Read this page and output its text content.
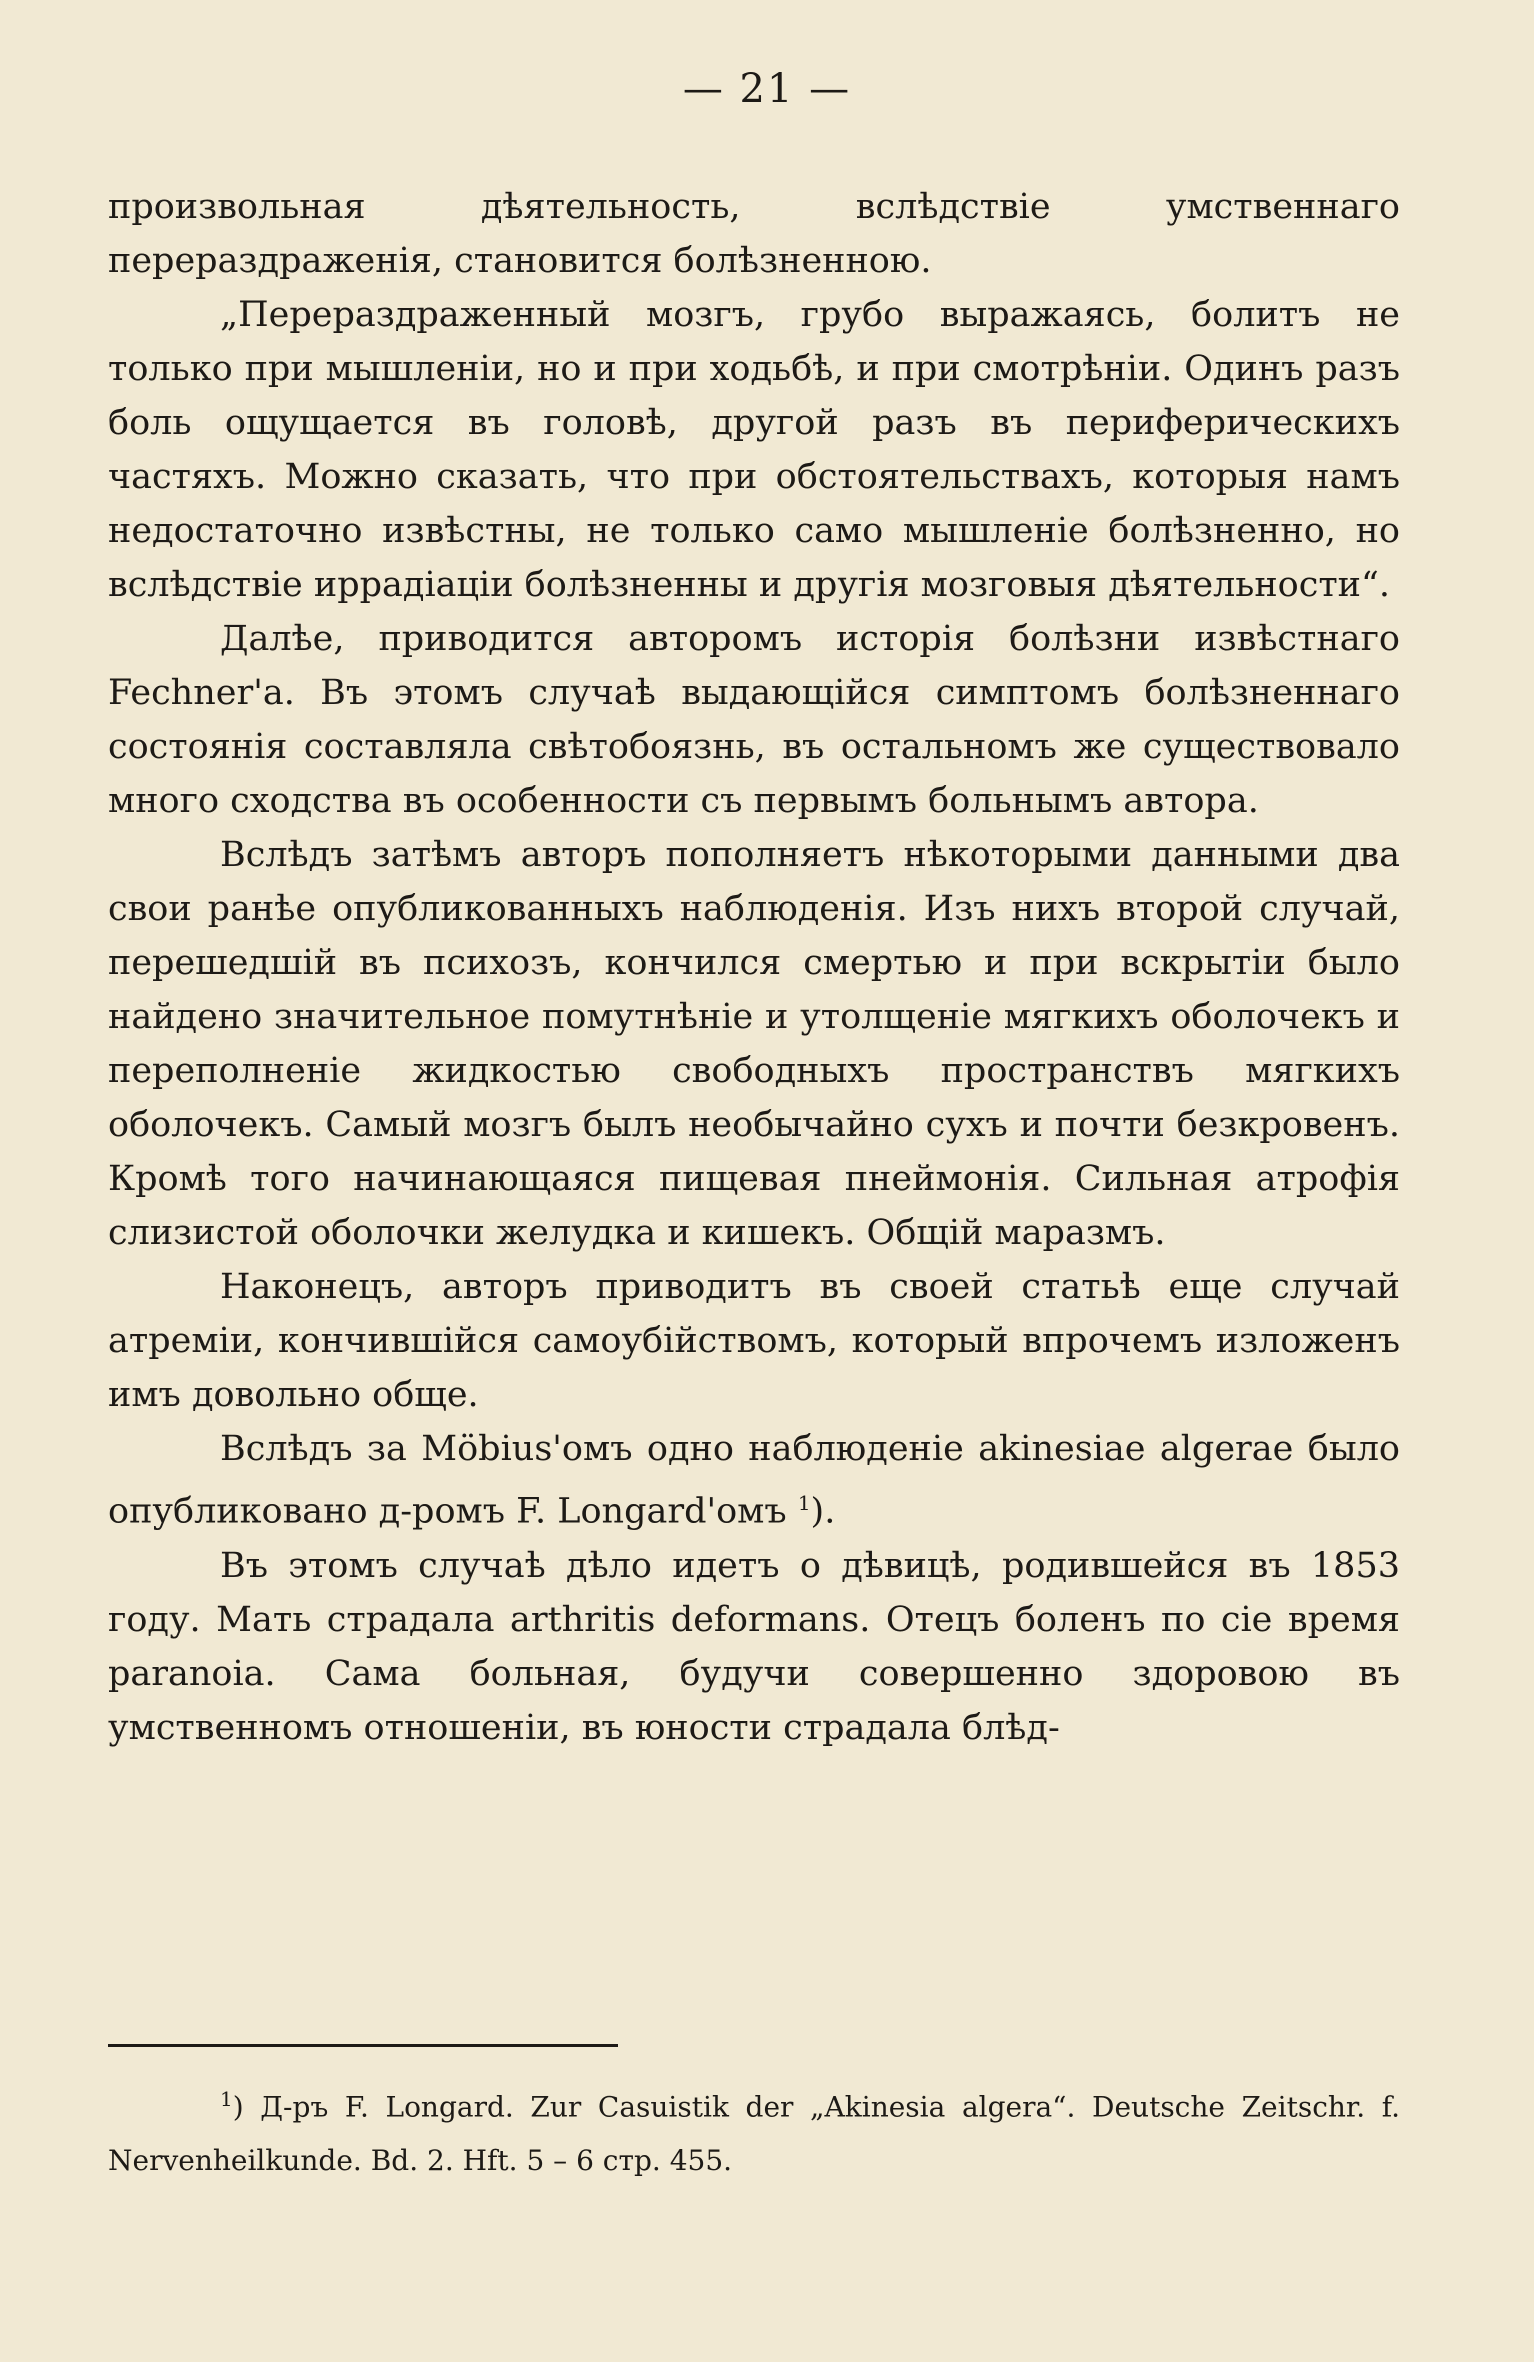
— 21 —

произвольная дѣятельность, вслѣдствіе умственнаго перераздраженія, становится болѣзненною.

„Перераздраженный мозгъ, грубо выражаясь, болитъ не только при мышленіи, но и при ходьбѣ, и при смотрѣніи. Одинъ разъ боль ощущается въ головѣ, другой разъ въ периферическихъ частяхъ. Можно сказать, что при обстоятельствахъ, которыя намъ недостаточно извѣстны, не только само мышленіе болѣзненно, но вслѣдствіе иррадіаціи болѣзненны и другія мозговыя дѣятельности“.

Далѣе, приводится авторомъ исторія болѣзни извѣстнаго Fechner'a. Въ этомъ случаѣ выдающійся симптомъ болѣзненнаго состоянія составляла свѣтобоязнь, въ остальномъ же существовало много сходства въ особенности съ первымъ больнымъ автора.

Вслѣдъ затѣмъ авторъ пополняетъ нѣкоторыми данными два свои ранѣе опубликованныхъ наблюденія. Изъ нихъ второй случай, перешедшій въ психозъ, кончился смертью и при вскрытіи было найдено значительное помутнѣніе и утолщеніе мягкихъ оболочекъ и переполненіе жидкостью свободныхъ пространствъ мягкихъ оболочекъ. Самый мозгъ былъ необычайно сухъ и почти безкровенъ. Кромѣ того начинающаяся пищевая пнеймонія. Сильная атрофія слизистой оболочки желудка и кишекъ. Общій маразмъ.

Наконецъ, авторъ приводитъ въ своей статьѣ еще случай атреміи, кончившійся самоубійствомъ, который впрочемъ изложенъ имъ довольно обще.

Вслѣдъ за Möbius'омъ одно наблюденіе akinesiae algerae было опубликовано д-ромъ F. Longard'омъ $^1$).

Въ этомъ случаѣ дѣло идетъ о дѣвицѣ, родившейся въ 1853 году. Мать страдала arthritis deformans. Отецъ боленъ по сіе время paranoia. Сама больная, будучи совершенно здоровою въ умственномъ отношеніи, въ юности страдала блѣд-

$^1$) Д-ръ F. Longard. Zur Casuistik der „Akinesia algera“. Deutsche Zeitschr. f. Nervenheilkunde. Bd. 2. Hft. 5 – 6 стр. 455.
